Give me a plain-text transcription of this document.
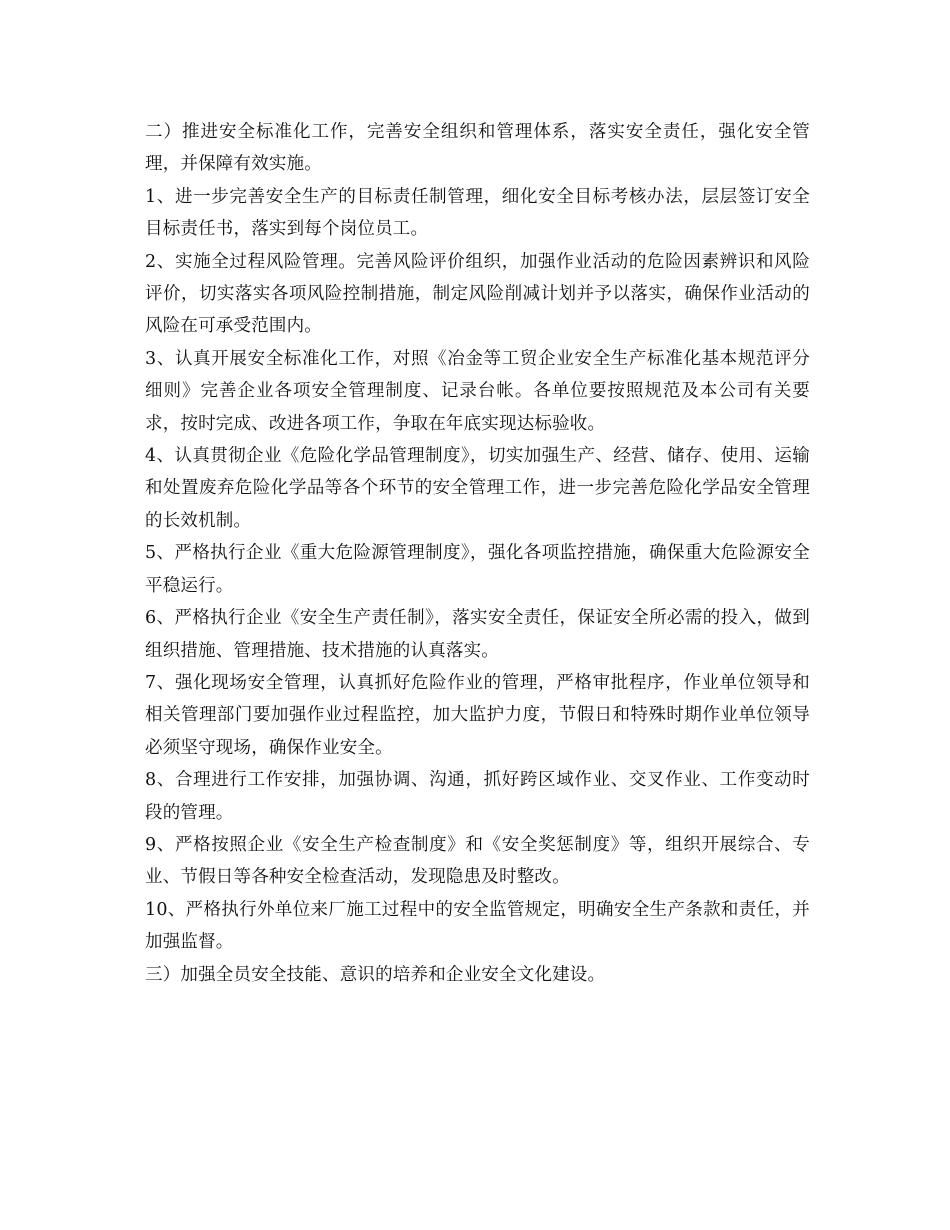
二）推进安全标准化工作，完善安全组织和管理体系，落实安全责任，强化安全管理，并保障有效实施。

1、进一步完善安全生产的目标责任制管理，细化安全目标考核办法，层层签订安全目标责任书，落实到每个岗位员工。

2、实施全过程风险管理。完善风险评价组织，加强作业活动的危险因素辨识和风险评价，切实落实各项风险控制措施，制定风险削减计划并予以落实，确保作业活动的风险在可承受范围内。

3、认真开展安全标准化工作，对照《冶金等工贸企业安全生产标准化基本规范评分细则》完善企业各项安全管理制度、记录台帐。各单位要按照规范及本公司有关要求，按时完成、改进各项工作，争取在年底实现达标验收。

4、认真贯彻企业《危险化学品管理制度》，切实加强生产、经营、储存、使用、运输和处置废弃危险化学品等各个环节的安全管理工作，进一步完善危险化学品安全管理的长效机制。

5、严格执行企业《重大危险源管理制度》，强化各项监控措施，确保重大危险源安全平稳运行。

6、严格执行企业《安全生产责任制》，落实安全责任，保证安全所必需的投入，做到组织措施、管理措施、技术措施的认真落实。

7、强化现场安全管理，认真抓好危险作业的管理，严格审批程序，作业单位领导和相关管理部门要加强作业过程监控，加大监护力度，节假日和特殊时期作业单位领导必须坚守现场，确保作业安全。

8、合理进行工作安排，加强协调、沟通，抓好跨区域作业、交叉作业、工作变动时段的管理。

9、严格按照企业《安全生产检查制度》和《安全奖惩制度》等，组织开展综合、专业、节假日等各种安全检查活动，发现隐患及时整改。

10、严格执行外单位来厂施工过程中的安全监管规定，明确安全生产条款和责任，并加强监督。

三）加强全员安全技能、意识的培养和企业安全文化建设。
